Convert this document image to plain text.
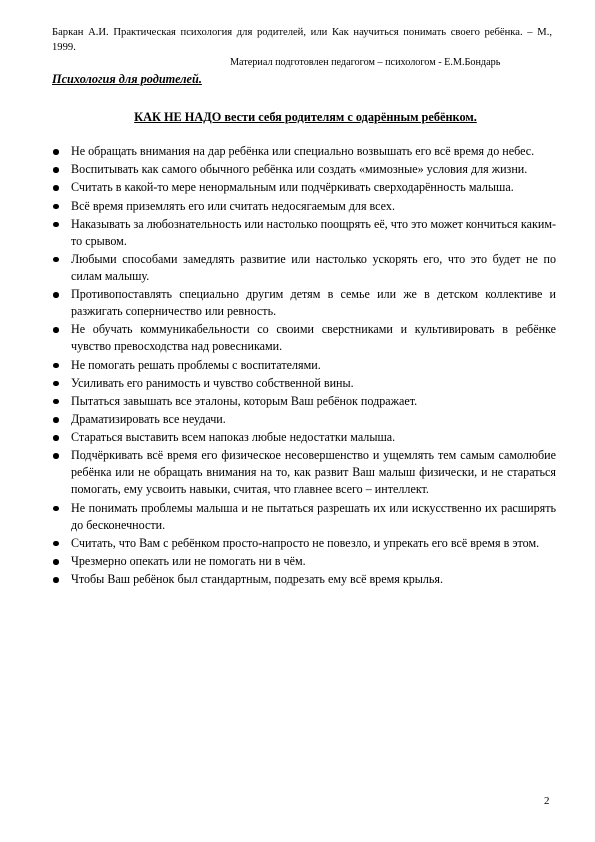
Баркан А.И. Практическая психология для родителей, или Как научиться понимать своего ребёнка. – М., 1999.
Материал подготовлен педагогом – психологом - Е.М.Бондарь
Психология для родителей.
КАК НЕ НАДО вести себя родителям с одарённым ребёнком.
Не обращать внимания на дар ребёнка или специально возвышать его всё время до небес.
Воспитывать как самого обычного ребёнка или создать «мимозные» условия для жизни.
Считать в какой-то мере ненормальным или подчёркивать сверходарённость малыша.
Всё время приземлять его или считать недосягаемым для всех.
Наказывать за любознательность или настолько поощрять её, что это может кончиться каким-то срывом.
Любыми способами замедлять развитие или настолько ускорять его, что это будет не по силам малышу.
Противопоставлять специально другим детям в семье или же в детском коллективе и разжигать соперничество или ревность.
Не обучать коммуникабельности со своими сверстниками и культивировать в ребёнке чувство превосходства над ровесниками.
Не помогать решать проблемы с воспитателями.
Усиливать его ранимость и чувство собственной вины.
Пытаться завышать все эталоны, которым Ваш ребёнок подражает.
Драматизировать все неудачи.
Стараться выставить всем напоказ любые недостатки малыша.
Подчёркивать всё время его физическое несовершенство и ущемлять тем самым самолюбие ребёнка или не обращать внимания на то, как развит Ваш малыш физически, и не стараться помогать, ему усвоить навыки, считая, что главнее всего – интеллект.
Не понимать проблемы малыша и не пытаться разрешать их или искусственно их расширять до бесконечности.
Считать, что Вам с ребёнком просто-напросто не повезло, и упрекать его всё время в этом.
Чрезмерно опекать или не помогать ни в чём.
Чтобы Ваш ребёнок был стандартным, подрезать ему всё время крылья.
2
